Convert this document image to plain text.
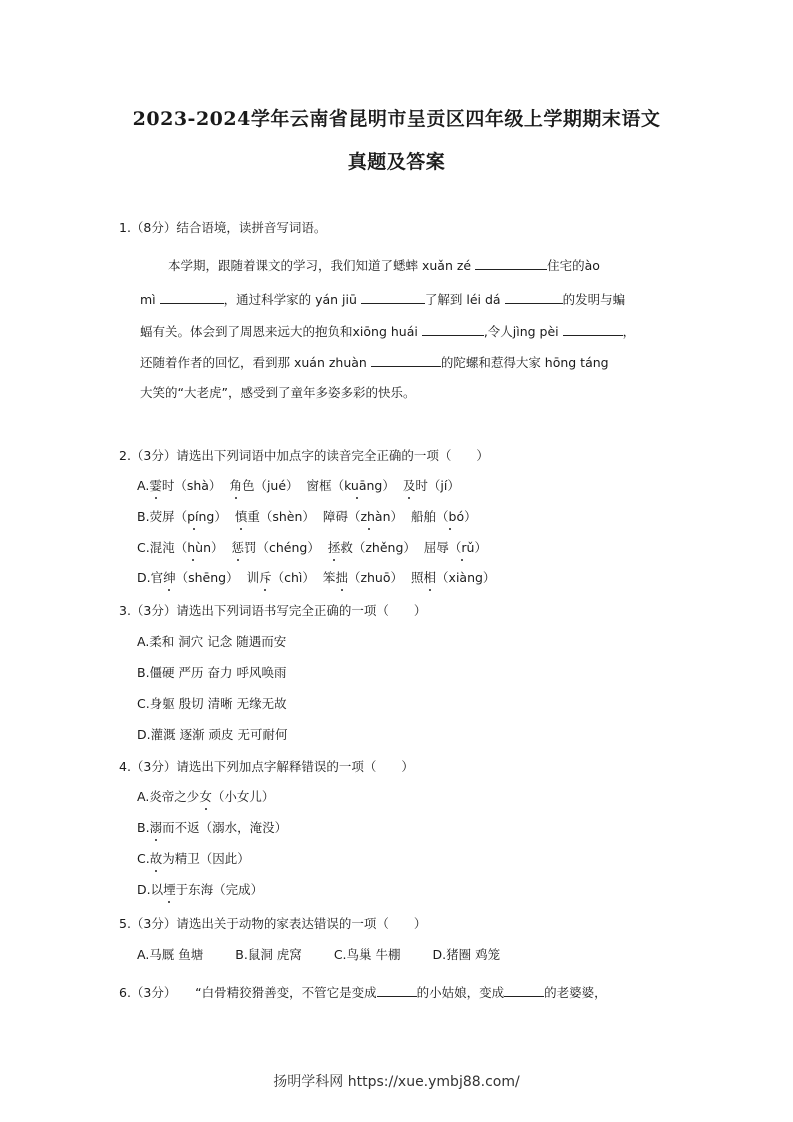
2023-2024学年云南省昆明市呈贡区四年级上学期期末语文
真题及答案
1.（8分）结合语境，读拼音写词语。
本学期，跟随着课文的学习，我们知道了蟋蟀 xuǎn zé	住宅的ào
mì	，通过科学家的 yán jiū	了解到 léi dá	的发明与蝙
蝠有关。体会到了周恩来远大的抱负和xiōng huái	,令人jìng pèi	，
还随着作者的回忆，看到那 xuán zhuàn	的陀螺和惹得大家 hōng táng
大笑的“大老虎”，感受到了童年多姿多彩的快乐。
2.（3分）请选出下列词语中加点字的读音完全正确的一项（　　）
A.霎时（shà） 角色（jué） 窗框（kuāng） 及时（jí）
B.荧屏（píng） 慎重（shèn） 障碍（zhàn） 船舶（bó）
C.混沌（hùn） 惩罚（chéng） 拯救（zhěng） 屈辱（rǔ）
D.官绅（shēng） 训斥（chì） 笨拙（zhuō） 照相（xiàng）
3.（3分）请选出下列词语书写完全正确的一项（　　）
A.柔和 洞穴 记念 随遇而安
B.僵硬 严历 奋力 呼风唤雨
C.身躯 殷切 清晰 无缘无故
D.灌溉 逐渐 顽皮 无可耐何
4.（3分）请选出下列加点字解释错误的一项（　　）
A.炎帝之少女（小女儿）
B.溺而不返（溺水，淹没）
C.故为精卫（因此）
D.以堙于东海（完成）
5.（3分）请选出关于动物的家表达错误的一项（　　）
A.马厩 鱼塘	B.鼠洞 虎窝	C.鸟巢 牛棚	D.猪圈 鸡笼
6.（3分）　　“白骨精狡猾善变，不管它是变成	的小姑娘，变成	的老婆婆，
扬明学科网 https://xue.ymbj88.com/
